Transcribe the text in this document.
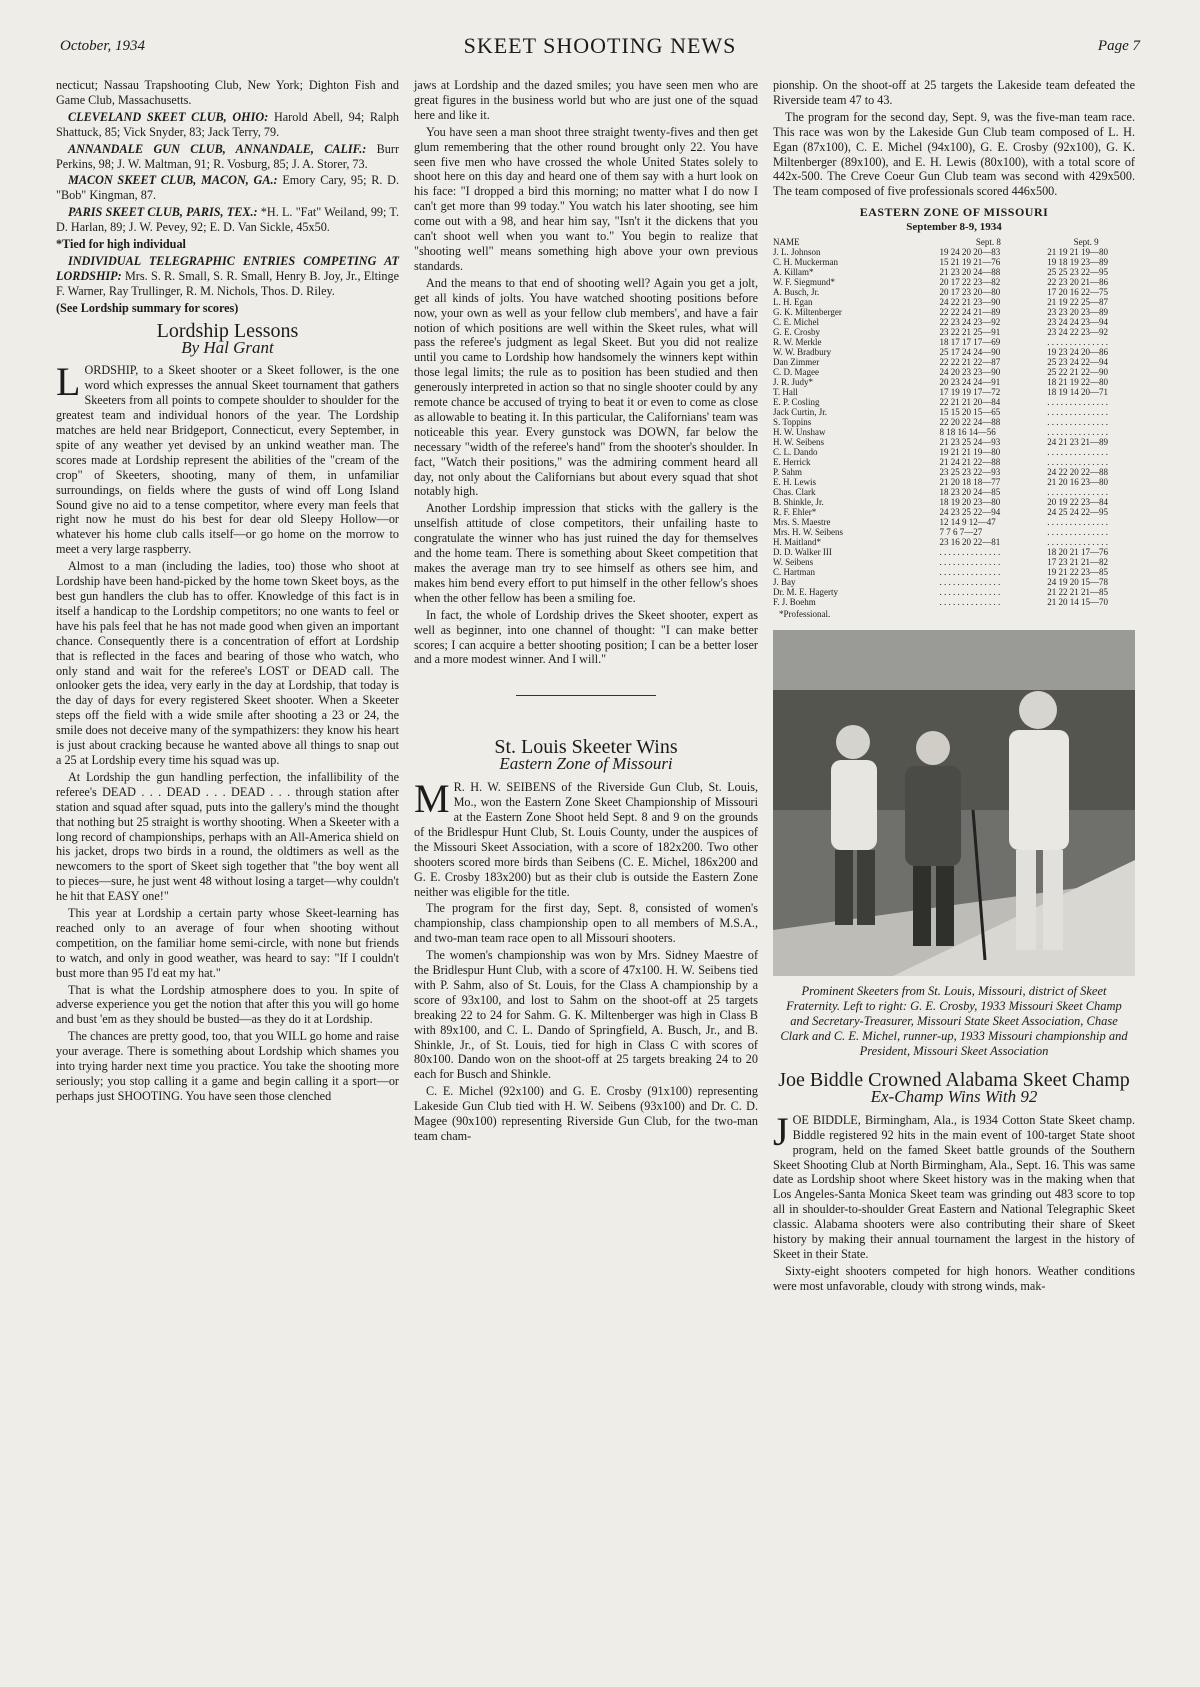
October, 1934	SKEET SHOOTING NEWS	Page 7

necticut; Nassau Trapshooting Club, New York; Dighton Fish and Game Club, Massachusetts.

CLEVELAND SKEET CLUB, OHIO: Harold Abell, 94; Ralph Shattuck, 85; Vick Snyder, 83; Jack Terry, 79.

ANNANDALE GUN CLUB, ANNANDALE, CALIF.: Burr Perkins, 98; J. W. Maltman, 91; R. Vosburg, 85; J. A. Storer, 73.

MACON SKEET CLUB, MACON, GA.: Emory Cary, 95; R. D. "Bob" Kingman, 87.

PARIS SKEET CLUB, PARIS, TEX.: *H. L. "Fat" Weiland, 99; T. D. Harlan, 89; J. W. Pevey, 92; E. D. Van Sickle, 45x50.

*Tied for high individual

INDIVIDUAL TELEGRAPHIC ENTRIES COMPETING AT LORDSHIP: Mrs. S. R. Small, S. R. Small, Henry B. Joy, Jr., Eltinge F. Warner, Ray Trullinger, R. M. Nichols, Thos. D. Riley.

(See Lordship summary for scores)

Lordship Lessons
By Hal Grant

LORDSHIP, to a Skeet shooter or a Skeet follower, is the one word which expresses the annual Skeet tournament that gathers Skeeters from all points to compete shoulder to shoulder for the greatest team and individual honors of the year. The Lordship matches are held near Bridgeport, Connecticut, every September, in spite of any weather yet devised by an unkind weather man. The scores made at Lordship represent the abilities of the "cream of the crop" of Skeeters, shooting, many of them, in unfamiliar surroundings, on fields where the gusts of wind off Long Island Sound give no aid to a tense competitor, where every man feels that right now he must do his best for dear old Sleepy Hollow—or whatever his home club calls itself—or go home on the morrow to meet a very large raspberry.

Almost to a man (including the ladies, too) those who shoot at Lordship have been hand-picked by the home town Skeet boys, as the best gun handlers the club has to offer. Knowledge of this fact is in itself a handicap to the Lordship competitors; no one wants to feel or have his pals feel that he has not made good when given an important chance. Consequently there is a concentration of effort at Lordship that is reflected in the faces and bearing of those who watch, who only stand and wait for the referee's LOST or DEAD call. The onlooker gets the idea, very early in the day at Lordship, that today is the day of days for every registered Skeet shooter. When a Skeeter steps off the field with a wide smile after shooting a 23 or 24, the smile does not deceive many of the sympathizers: they know his heart is just about cracking because he wanted above all things to snap out a 25 at Lordship every time his squad was up.

At Lordship the gun handling perfection, the infallibility of the referee's DEAD . . . DEAD . . . DEAD . . . through station after station and squad after squad, puts into the gallery's mind the thought that nothing but 25 straight is worthy shooting. When a Skeeter with a long record of championships, perhaps with an All-America shield on his jacket, drops two birds in a round, the oldtimers as well as the newcomers to the sport of Skeet sigh together that "the boy went all to pieces—sure, he just went 48 without losing a target—why couldn't he hit that EASY one!"

This year at Lordship a certain party whose Skeet-learning has reached only to an average of four when shooting without competition, on the familiar home semi-circle, with none but friends to watch, and only in good weather, was heard to say: "If I couldn't bust more than 95 I'd eat my hat."

That is what the Lordship atmosphere does to you. In spite of adverse experience you get the notion that after this you will go home and bust 'em as they should be busted—as they do it at Lordship.

The chances are pretty good, too, that you WILL go home and raise your average. There is something about Lordship which shames you into trying harder next time you practice. You take the shooting more seriously; you stop calling it a game and begin calling it a sport—or perhaps just SHOOTING. You have seen those clenched

jaws at Lordship and the dazed smiles; you have seen men who are great figures in the business world but who are just one of the squad here and like it.

You have seen a man shoot three straight twenty-fives and then get glum remembering that the other round brought only 22. You have seen five men who have crossed the whole United States solely to shoot here on this day and heard one of them say with a hurt look on his face: "I dropped a bird this morning; no matter what I do now I can't get more than 99 today." You watch his later shooting, see him come out with a 98, and hear him say, "Isn't it the dickens that you can't shoot well when you want to." You begin to realize that "shooting well" means something high above your own previous standards.

And the means to that end of shooting well? Again you get a jolt, get all kinds of jolts. You have watched shooting positions before now, your own as well as your fellow club members', and have a fair notion of which positions are well within the Skeet rules, what will pass the referee's judgment as legal Skeet. But you did not realize until you came to Lordship how handsomely the winners kept within those legal limits; the rule as to position has been studied and then generously interpreted in action so that no single shooter could by any remote chance be accused of trying to beat it or even to come as close as allowable to beating it. In this particular, the Californians' team was noticeable this year. Every gunstock was DOWN, far below the necessary "width of the referee's hand" from the shooter's shoulder. In fact, "Watch their positions," was the admiring comment heard all day, not only about the Californians but about every squad that shot notably high.

Another Lordship impression that sticks with the gallery is the unselfish attitude of close competitors, their unfailing haste to congratulate the winner who has just ruined the day for themselves and the home team. There is something about Skeet competition that makes the average man try to see himself as others see him, and makes him bend every effort to put himself in the other fellow's shoes when the other fellow has been a smiling foe.

In fact, the whole of Lordship drives the Skeet shooter, expert as well as beginner, into one channel of thought: "I can make better scores; I can acquire a better shooting position; I can be a better loser and a more modest winner. And I will."

St. Louis Skeeter Wins
Eastern Zone of Missouri

M R. H. W. SEIBENS of the Riverside Gun Club, St. Louis, Mo., won the Eastern Zone Skeet Championship of Missouri at the Eastern Zone Shoot held Sept. 8 and 9 on the grounds of the Bridlespur Hunt Club, St. Louis County, under the auspices of the Missouri Skeet Association, with a score of 182x200. Two other shooters scored more birds than Seibens (C. E. Michel, 186x200 and G. E. Crosby 183x200) but as their club is outside the Eastern Zone neither was eligible for the title.

The program for the first day, Sept. 8, consisted of women's championship, class championship open to all members of M.S.A., and two-man team race open to all Missouri shooters.

The women's championship was won by Mrs. Sidney Maestre of the Bridlespur Hunt Club, with a score of 47x100. H. W. Seibens tied with P. Sahm, also of St. Louis, for the Class A championship by a score of 93x100, and lost to Sahm on the shoot-off at 25 targets breaking 22 to 24 for Sahm. G. K. Miltenberger was high in Class B with 89x100, and C. L. Dando of Springfield, A. Busch, Jr., and B. Shinkle, Jr., of St. Louis, tied for high in Class C with scores of 80x100. Dando won on the shoot-off at 25 targets breaking 24 to 20 each for Busch and Shinkle.

C. E. Michel (92x100) and G. E. Crosby (91x100) representing Lakeside Gun Club tied with H. W. Seibens (93x100) and Dr. C. D. Magee (90x100) representing Riverside Gun Club, for the two-man team cham-

pionship. On the shoot-off at 25 targets the Lakeside team defeated the Riverside team 47 to 43.

The program for the second day, Sept. 9, was the five-man team race. This race was won by the Lakeside Gun Club team composed of L. H. Egan (87x100), C. E. Michel (94x100), G. E. Crosby (92x100), G. K. Miltenberger (89x100), and E. H. Lewis (80x100), with a total score of 442x-500. The Creve Coeur Gun Club team was second with 429x500. The team composed of five professionals scored 446x500.

EASTERN ZONE OF MISSOURI
September 8-9, 1934
NAME	Sept. 8	Sept. 9
J. L. Johnson	19 24 20 20—83	21 19 21 19—80
C. H. Muckerman	15 21 19 21—76	19 18 19 23—89
A. Killam*	21 23 20 24—88	25 25 23 22—95
W. F. Siegmund*	20 17 22 23—82	22 23 20 21—86
A. Busch, Jr.	20 17 23 20—80	17 20 16 22—75
L. H. Egan	24 22 21 23—90	21 19 22 25—87
G. K. Miltenberger	22 22 24 21—89	23 23 20 23—89
C. E. Michel	22 23 24 23—92	23 24 24 23—94
G. E. Crosby	23 22 21 25—91	23 24 22 23—92
R. W. Merkle	18 17 17 17—69	. . . . . . . . . . . . . .
W. W. Bradbury	25 17 24 24—90	19 23 24 20—86
Dan Zimmer	22 22 21 22—87	25 23 24 22—94
C. D. Magee	24 20 23 23—90	25 22 21 22—90
J. R. Judy*	20 23 24 24—91	18 21 19 22—80
T. Hall	17 19 19 17—72	18 19 14 20—71
E. P. Cosling	22 21 21 20—84	. . . . . . . . . . . . . .
Jack Curtin, Jr.	15 15 20 15—65	. . . . . . . . . . . . . .
S. Toppins	22 20 22 24—88	. . . . . . . . . . . . . .
H. W. Unshaw	8 18 16 14—56	. . . . . . . . . . . . . .
H. W. Seibens	21 23 25 24—93	24 21 23 21—89
C. L. Dando	19 21 21 19—80	. . . . . . . . . . . . . .
E. Herrick	21 24 21 22—88	. . . . . . . . . . . . . .
P. Sahm	23 25 23 22—93	24 22 20 22—88
E. H. Lewis	21 20 18 18—77	21 20 16 23—80
Chas. Clark	18 23 20 24—85	. . . . . . . . . . . . . .
B. Shinkle, Jr.	18 19 20 23—80	20 19 22 23—84
R. F. Ehler*	24 23 25 22—94	24 25 24 22—95
Mrs. S. Maestre	12 14 9 12—47	. . . . . . . . . . . . . .
Mrs. H. W. Seibens	7 7 6 7—27	. . . . . . . . . . . . . .
H. Maitland*	23 16 20 22—81	. . . . . . . . . . . . . .
D. D. Walker III	. . . . . . . . . . . . . .	18 20 21 17—76
W. Seibens	. . . . . . . . . . . . . .	17 23 21 21—82
C. Hartman	. . . . . . . . . . . . . .	19 21 22 23—85
J. Bay	. . . . . . . . . . . . . .	24 19 20 15—78
Dr. M. E. Hagerty	. . . . . . . . . . . . . .	21 22 21 21—85
F. J. Boehm	. . . . . . . . . . . . . .	21 20 14 15—70
*Professional.
Prominent Skeeters from St. Louis, Missouri, district of Skeet Fraternity. Left to right: G. E. Crosby, 1933 Missouri Skeet Champ and Secretary-Treasurer, Missouri State Skeet Association, Chase Clark and C. E. Michel, runner-up, 1933 Missouri championship and President, Missouri Skeet Association
Joe Biddle Crowned Alabama Skeet Champ
Ex-Champ Wins With 92

JOE BIDDLE, Birmingham, Ala., is 1934 Cotton State Skeet champ. Biddle registered 92 hits in the main event of 100-target State shoot program, held on the famed Skeet battle grounds of the Southern Skeet Shooting Club at North Birmingham, Ala., Sept. 16. This was same date as Lordship shoot where Skeet history was in the making when that Los Angeles-Santa Monica Skeet team was grinding out 483 score to top all in shoulder-to-shoulder Great Eastern and National Telegraphic Skeet classic. Alabama shooters were also contributing their share of Skeet history by making their annual tournament the largest in the history of Skeet in their State.

Sixty-eight shooters competed for high honors. Weather conditions were most unfavorable, cloudy with strong winds, mak-
